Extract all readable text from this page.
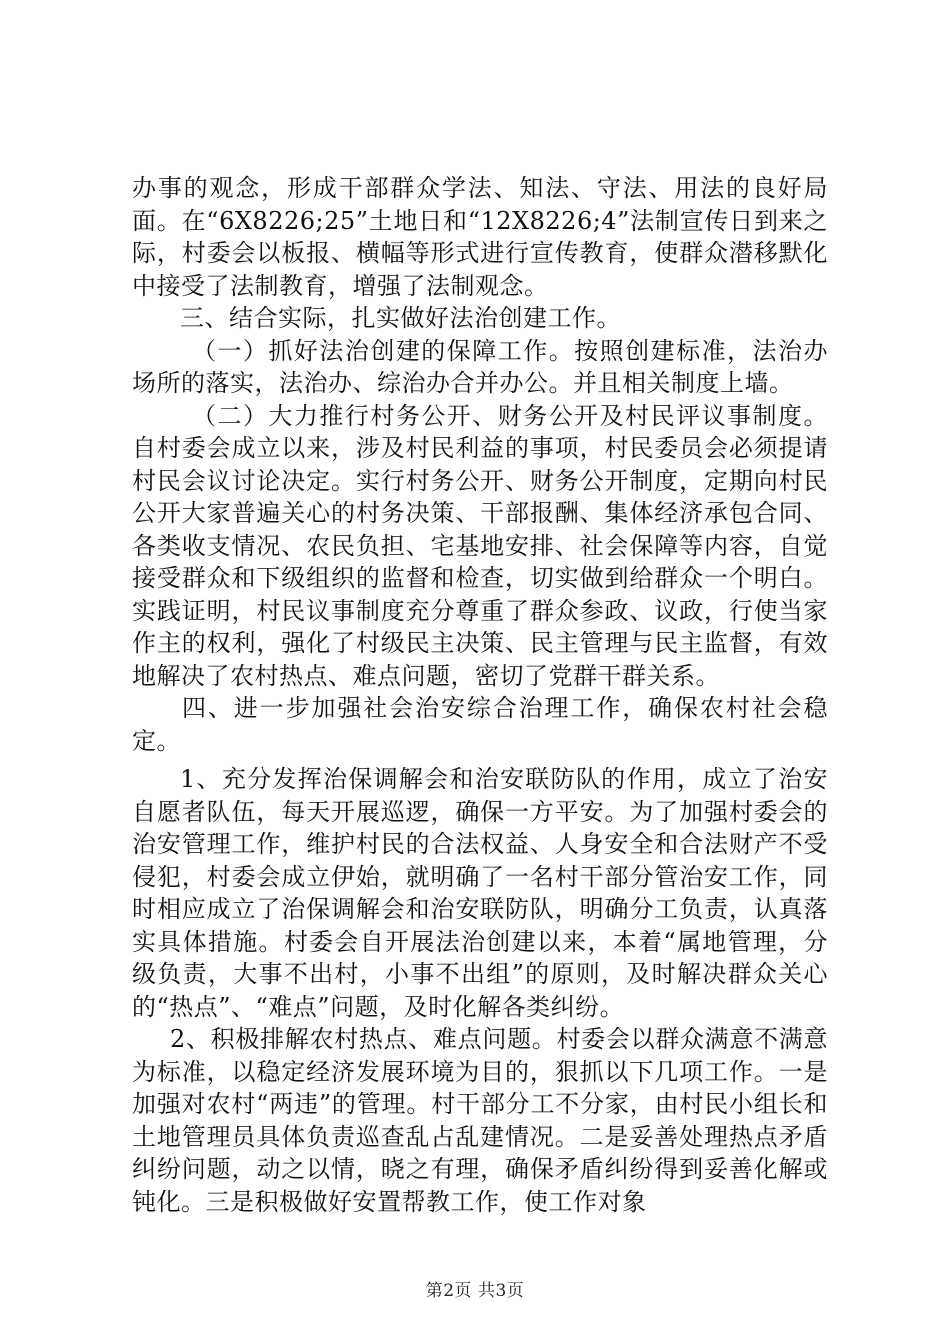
办事的观念，形成干部群众学法、知法、守法、用法的良好局面。在“6X8226;25”土地日和“12X8226;4”法制宣传日到来之际，村委会以板报、横幅等形式进行宣传教育，使群众潜移默化中接受了法制教育，增强了法制观念。

三、结合实际，扎实做好法治创建工作。

（一）抓好法治创建的保障工作。按照创建标准，法治办场所的落实，法治办、综治办合并办公。并且相关制度上墙。

（二）大力推行村务公开、财务公开及村民评议事制度。自村委会成立以来，涉及村民利益的事项，村民委员会必须提请村民会议讨论决定。实行村务公开、财务公开制度，定期向村民公开大家普遍关心的村务决策、干部报酬、集体经济承包合同、各类收支情况、农民负担、宅基地安排、社会保障等内容，自觉接受群众和下级组织的监督和检查，切实做到给群众一个明白。实践证明，村民议事制度充分尊重了群众参政、议政，行使当家作主的权利，强化了村级民主决策、民主管理与民主监督，有效地解决了农村热点、难点问题，密切了党群干群关系。

四、进一步加强社会治安综合治理工作，确保农村社会稳定。

1、充分发挥治保调解会和治安联防队的作用，成立了治安自愿者队伍，每天开展巡逻，确保一方平安。为了加强村委会的治安管理工作，维护村民的合法权益、人身安全和合法财产不受侵犯，村委会成立伊始，就明确了一名村干部分管治安工作，同时相应成立了治保调解会和治安联防队，明确分工负责，认真落实具体措施。村委会自开展法治创建以来，本着“属地管理，分级负责，大事不出村，小事不出组”的原则，及时解决群众关心的“热点”、“难点”问题，及时化解各类纠纷。

2、积极排解农村热点、难点问题。村委会以群众满意不满意为标准，以稳定经济发展环境为目的，狠抓以下几项工作。一是加强对农村“两违”的管理。村干部分工不分家，由村民小组长和土地管理员具体负责巡查乱占乱建情况。二是妥善处理热点矛盾纠纷问题，动之以情，晓之有理，确保矛盾纠纷得到妥善化解或钝化。三是积极做好安置帮教工作，使工作对象

第2页 共3页
